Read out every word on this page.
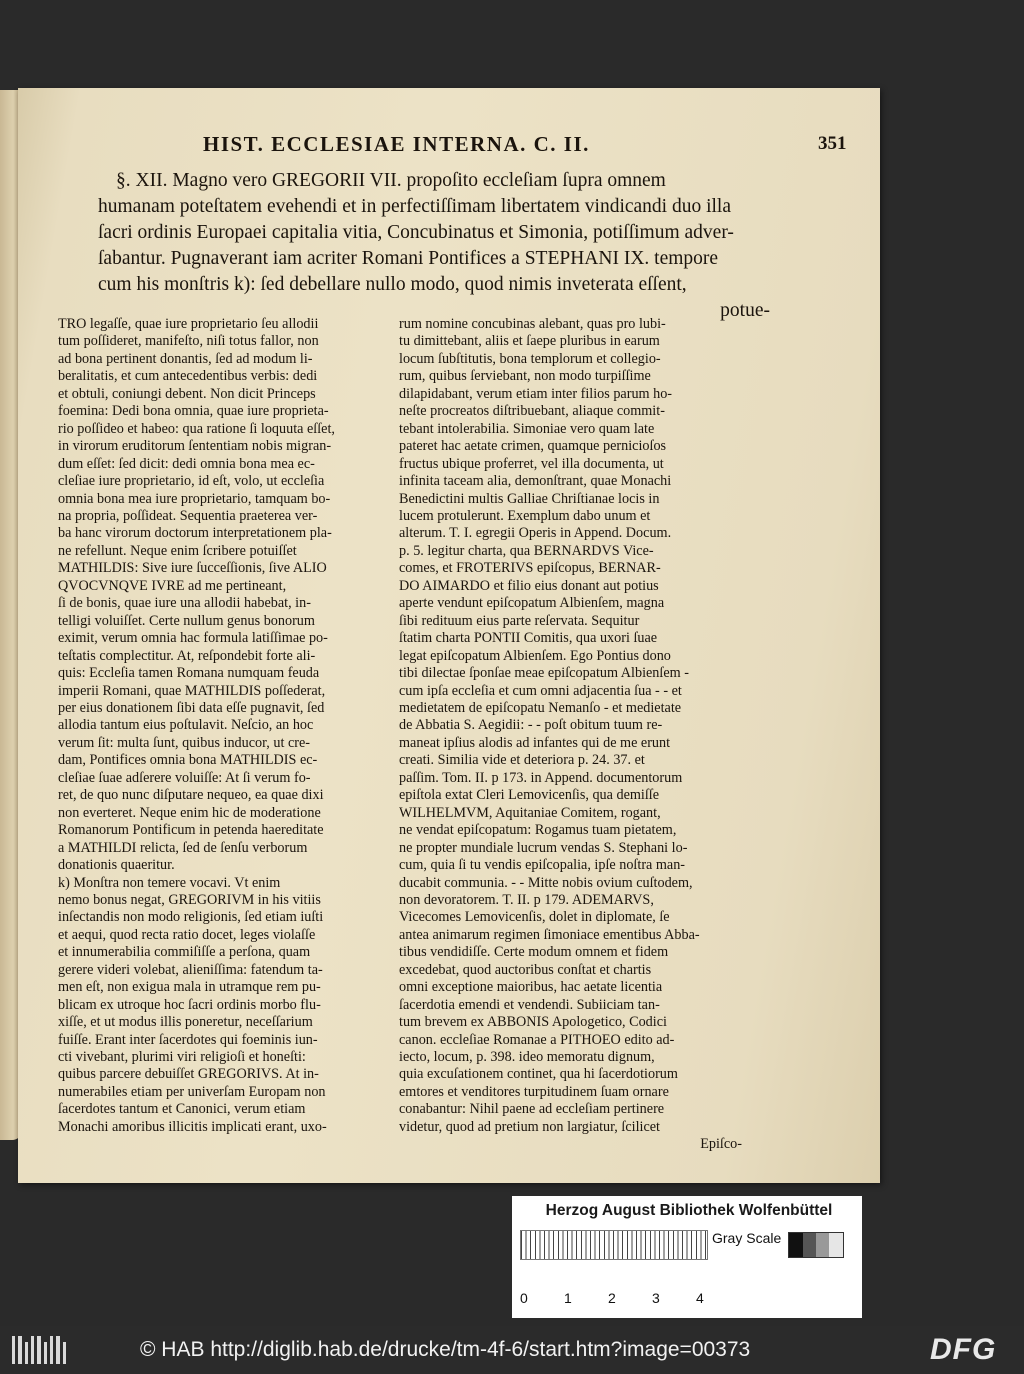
HIST. ECCLESIAE INTERNA. C. II.	351
§. XII. Magno vero GREGORII VII. propoſito eccleſiam ſupra omnem
humanam poteſtatem evehendi et in perfectiſſimam libertatem vindicandi duo illa
ſacri ordinis Europaei capitalia vitia, Concubinatus et Simonia, potiſſimum adver-
ſabantur. Pugnaverant iam acriter Romani Pontifices a STEPHANI IX. tempore
cum his monſtris k): ſed debellare nullo modo, quod nimis inveterata eſſent,
potue-
TRO legaſſe, quae iure proprietario ſeu allodii
tum poſſideret, manifeſto, niſi totus fallor, non
ad bona pertinent donantis, ſed ad modum li-
beralitatis, et cum antecedentibus verbis: dedi
et obtuli, coniungi debent. Non dicit Princeps
foemina: Dedi bona omnia, quae iure proprieta-
rio poſſideo et habeo: qua ratione ſi loquuta eſſet,
in virorum eruditorum ſententiam nobis migran-
dum eſſet: ſed dicit: dedi omnia bona mea ec-
cleſiae iure proprietario, id eſt, volo, ut eccleſia
omnia bona mea iure proprietario, tamquam bo-
na propria, poſſideat. Sequentia praeterea ver-
ba hanc virorum doctorum interpretationem pla-
ne refellunt. Neque enim ſcribere potuiſſet
MATHILDIS: Sive iure ſucceſſionis, ſive ALIO
QVOCVNQVE IVRE ad me pertineant,
ſi de bonis, quae iure una allodii habebat, in-
telligi voluiſſet. Certe nullum genus bonorum
eximit, verum omnia hac formula latiſſimae po-
teſtatis complectitur. At, reſpondebit forte ali-
quis: Eccleſia tamen Romana numquam feuda
imperii Romani, quae MATHILDIS poſſederat,
per eius donationem ſibi data eſſe pugnavit, ſed
allodia tantum eius poſtulavit. Neſcio, an hoc
verum ſit: multa ſunt, quibus inducor, ut cre-
dam, Pontifices omnia bona MATHILDIS ec-
cleſiae ſuae adſerere voluiſſe: At ſi verum fo-
ret, de quo nunc diſputare nequeo, ea quae dixi
non everteret. Neque enim hic de moderatione
Romanorum Pontificum in petenda haereditate
a MATHILDI relicta, ſed de ſenſu verborum
donationis quaeritur.
k) Monſtra non temere vocavi. Vt enim
nemo bonus negat, GREGORIVM in his vitiis
inſectandis non modo religionis, ſed etiam iuſti
et aequi, quod recta ratio docet, leges violaſſe
et innumerabilia commiſiſſe a perſona, quam
gerere videri volebat, alieniſſima: fatendum ta-
men eſt, non exigua mala in utramque rem pu-
blicam ex utroque hoc ſacri ordinis morbo flu-
xiſſe, et ut modus illis poneretur, neceſſarium
fuiſſe. Erant inter ſacerdotes qui foeminis iun-
cti vivebant, plurimi viri religioſi et honeſti:
quibus parcere debuiſſet GREGORIVS. At in-
numerabiles etiam per univerſam Europam non
ſacerdotes tantum et Canonici, verum etiam
Monachi amoribus illicitis implicati erant, uxo-
rum nomine concubinas alebant, quas pro lubi-
tu dimittebant, aliis et ſaepe pluribus in earum
locum ſubſtitutis, bona templorum et collegio-
rum, quibus ſerviebant, non modo turpiſſime
dilapidabant, verum etiam inter filios parum ho-
neſte procreatos diſtribuebant, aliaque commit-
tebant intolerabilia. Simoniae vero quam late
pateret hac aetate crimen, quamque pernicioſos
fructus ubique proferret, vel illa documenta, ut
infinita taceam alia, demonſtrant, quae Monachi
Benedictini multis Galliae Chriſtianae locis in
lucem protulerunt. Exemplum dabo unum et
alterum. T. I. egregii Operis in Append. Docum.
p. 5. legitur charta, qua BERNARDVS Vice-
comes, et FROTERIVS epiſcopus, BERNAR-
DO AIMARDO et filio eius donant aut potius
aperte vendunt epiſcopatum Albienſem, magna
ſibi redituum eius parte reſervata. Sequitur
ſtatim charta PONTII Comitis, qua uxori ſuae
legat epiſcopatum Albienſem. Ego Pontius dono
tibi dilectae ſponſae meae epiſcopatum Albienſem -
cum ipſa eccleſia et cum omni adjacentia ſua - - et
medietatem de epiſcopatu Nemanſo - et medietate
de Abbatia S. Aegidii: - - poſt obitum tuum re-
maneat ipſius alodis ad infantes qui de me erunt
creati. Similia vide et deteriora p. 24. 37. et
paſſim. Tom. II. p 173. in Append. documentorum
epiſtola extat Cleri Lemovicenſis, qua demiſſe
WILHELMVM, Aquitaniae Comitem, rogant,
ne vendat epiſcopatum: Rogamus tuam pietatem,
ne propter mundiale lucrum vendas S. Stephani lo-
cum, quia ſi tu vendis epiſcopalia, ipſe noſtra man-
ducabit communia. - - Mitte nobis ovium cuſtodem,
non devoratorem. T. II. p 179. ADEMARVS,
Vicecomes Lemovicenſis, dolet in diplomate, ſe
antea animarum regimen ſimoniace ementibus Abba-
tibus vendidiſſe. Certe modum omnem et fidem
excedebat, quod auctoribus conſtat et chartis
omni exceptione maioribus, hac aetate licentia
ſacerdotia emendi et vendendi. Subiiciam tan-
tum brevem ex ABBONIS Apologetico, Codici
canon. eccleſiae Romanae a PITHOEO edito ad-
iecto, locum, p. 398. ideo memoratu dignum,
quia excuſationem continet, qua hi ſacerdotiorum
emtores et venditores turpitudinem ſuam ornare
conabantur: Nihil paene ad eccleſiam pertinere
videtur, quod ad pretium non largiatur, ſcilicet
Epiſco-
Herzog August Bibliothek Wolfenbüttel
Gray Scale
0	1	2	3	4
© HAB http://diglib.hab.de/drucke/tm-4f-6/start.htm?image=00373	DFG
